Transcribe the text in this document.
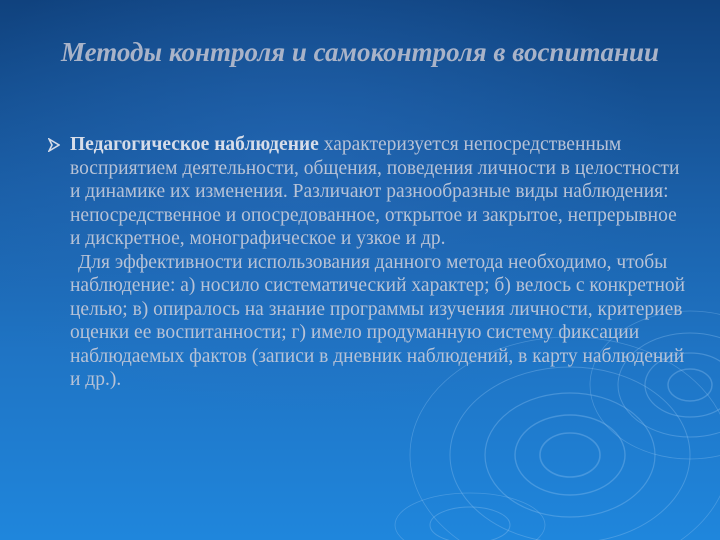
Методы контроля и самоконтроля в воспитании
Педагогическое наблюдение характеризуется непосредственным восприятием деятельности, общения, поведения личности в целостности и динамике их изменения. Различают разнообразные виды наблюдения: непосредственное и опосредованное, открытое и закрытое, непрерывное и дискретное, монографическое и узкое и др.
Для эффективности использования данного метода необходимо, чтобы наблюдение: а) носило систематический характер; б) велось с конкретной целью; в) опиралось на знание программы изучения личности, критериев оценки ее воспитанности; г) имело продуманную систему фиксации наблюдаемых фактов (записи в дневник наблюдений, в карту наблюдений и др.).
